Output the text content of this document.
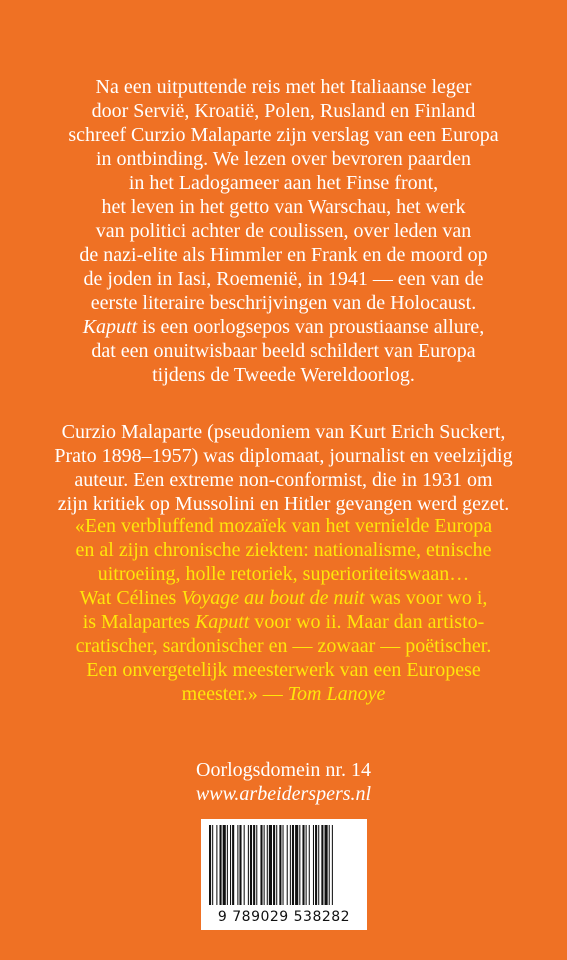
Na een uitputtende reis met het Italiaanse leger
door Servië, Kroatië, Polen, Rusland en Finland
schreef Curzio Malaparte zijn verslag van een Europa
in ontbinding. We lezen over bevroren paarden
in het Ladogameer aan het Finse front,
het leven in het getto van Warschau, het werk
van politici achter de coulissen, over leden van
de nazi-elite als Himmler en Frank en de moord op
de joden in Iasi, Roemenië, in 1941 — een van de
eerste literaire beschrijvingen van de Holocaust.
Kaputt is een oorlogsepos van proustiaanse allure,
dat een onuitwisbaar beeld schildert van Europa
tijdens de Tweede Wereldoorlog.
Curzio Malaparte (pseudoniem van Kurt Erich Suckert,
Prato 1898–1957) was diplomaat, journalist en veelzijdig
auteur. Een extreme non-conformist, die in 1931 om
zijn kritiek op Mussolini en Hitler gevangen werd gezet.
«Een verbluffend mozaïek van het vernielde Europa
en al zijn chronische ziekten: nationalisme, etnische
uitroeiing, holle retoriek, superioriteitswaan…
Wat Célines Voyage au bout de nuit was voor wo i,
is Malapartes Kaputt voor wo ii. Maar dan artisto-
cratischer, sardonischer en — zowaar — poëtischer.
Een onvergetelijk meesterwerk van een Europese
meester.» — Tom Lanoye
Oorlogsdomein nr. 14
www.arbeiderspers.nl
9 789029 538282
